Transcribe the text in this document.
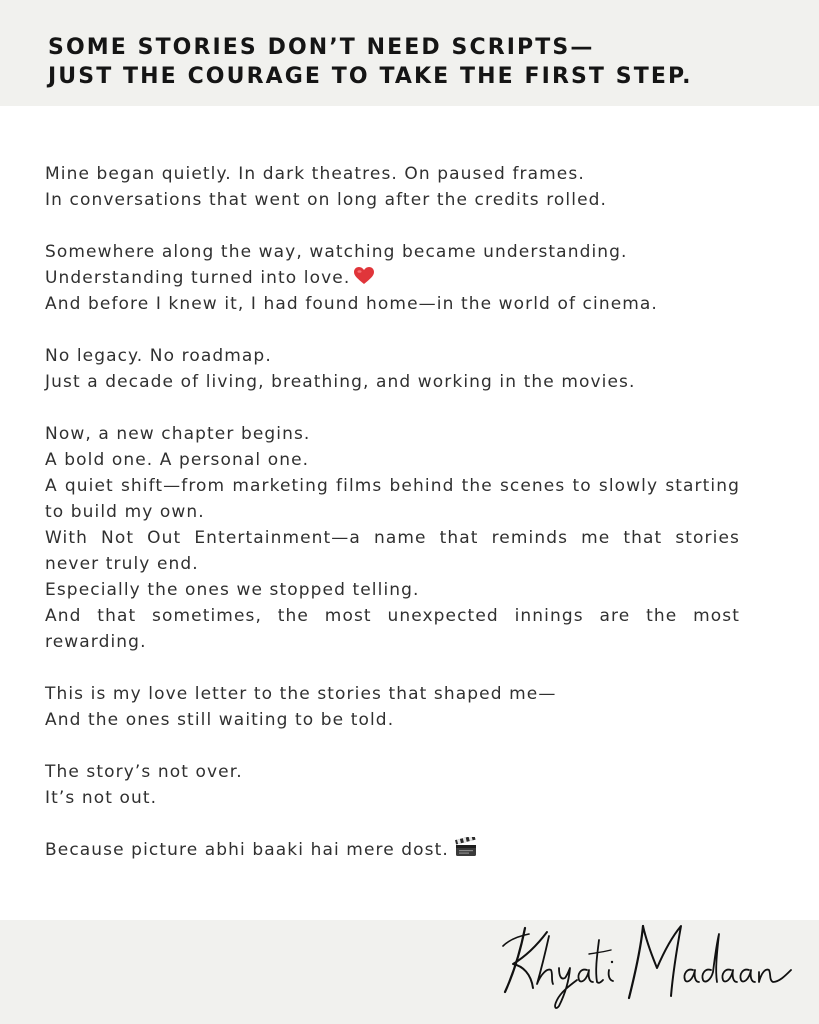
SOME STORIES DON’T NEED SCRIPTS—
JUST THE COURAGE TO TAKE THE FIRST STEP.

Mine began quietly. In dark theatres. On paused frames.
In conversations that went on long after the credits rolled.

Somewhere along the way, watching became understanding.
Understanding turned into love.
And before I knew it, I had found home—in the world of cinema.

No legacy. No roadmap.
Just a decade of living, breathing, and working in the movies.

Now, a new chapter begins.
A bold one. A personal one.
A quiet shift—from marketing films behind the scenes to slowly starting to build my own.
With Not Out Entertainment—a name that reminds me that stories never truly end.
Especially the ones we stopped telling.
And that sometimes, the most unexpected innings are the most rewarding.

This is my love letter to the stories that shaped me—
And the ones still waiting to be told.

The story’s not over.
It’s not out.

Because picture abhi baaki hai mere dost.
